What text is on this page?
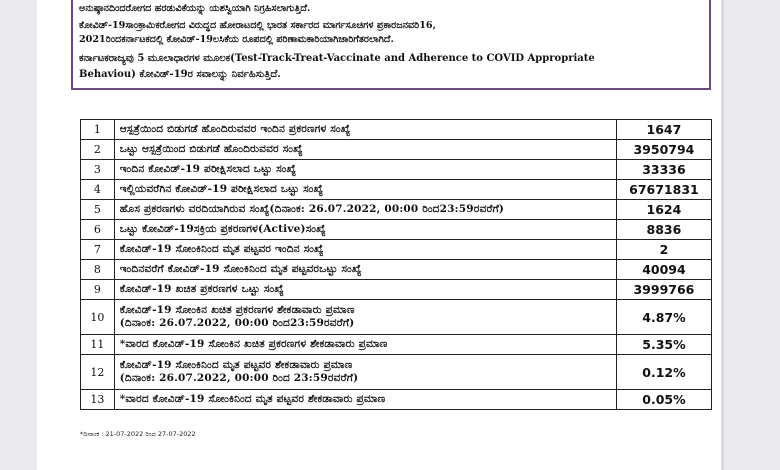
ಅನುಷ್ಠಾನದಿಂದರೋಗದ ಹರಡುವಿಕೆಯನ್ನು ಯಶಸ್ವಿಯಾಗಿ ನಿಗ್ರಹಿಸಲಾಗುತ್ತಿದೆ.

ಕೋವಿಡ್-19ಸಾಂಕ್ರಾಮಿಕರೋಗದ ವಿರುದ್ಧದ ಹೋರಾಟದಲ್ಲಿ ಭಾರತ ಸರ್ಕಾರದ ಮಾರ್ಗಸೂಚಿಗಳ ಪ್ರಕಾರಜನವರಿ16,

2021ರಿಂದಕರ್ನಾಟಕದಲ್ಲಿ ಕೋವಿಡ್-19ಲಸಿಕೆಯ ರೂಪದಲ್ಲಿ ಪರಿಣಾಮಕಾರಿಯಾಗಿಜಾರಿಗೆತರಲಾಗಿದೆ.

ಕರ್ನಾಟಕರಾಜ್ಯವು 5 ಮೂಲಾಧಾರಗಳ ಮೂಲಕ(Test-Track-Treat-Vaccinate and Adherence to COVID Appropriate

Behaviou) ಕೋವಿಡ್-19ರ ಸವಾಲನ್ನು ನಿರ್ವಹಿಸುತ್ತಿದೆ.

1	ಆಸ್ಪತ್ರೆಯಿಂದ ಬಿಡುಗಡೆ ಹೊಂದಿರುವವರ ಇಂದಿನ ಪ್ರಕರಣಗಳ ಸಂಖ್ಯೆ	1647
2	ಒಟ್ಟು ಆಸ್ಪತ್ರೆಯಿಂದ ಬಿಡುಗಡೆ ಹೊಂದಿರುವವರ ಸಂಖ್ಯೆ	3950794
3	ಇಂದಿನ ಕೋವಿಡ್-19 ಪರೀಕ್ಷಿಸಲಾದ ಒಟ್ಟು ಸಂಖ್ಯೆ	33336
4	ಇಲ್ಲಿಯವರೆಗಿನ ಕೋವಿಡ್-19 ಪರೀಕ್ಷಿಸಲಾದ ಒಟ್ಟು ಸಂಖ್ಯೆ	67671831
5	ಹೊಸ ಪ್ರಕರಣಗಳು ವರದಿಯಾಗಿರುವ ಸಂಖ್ಯೆ(ದಿನಾಂಕ: 26.07.2022, 00:00 ರಿಂದ23:59ರವರೆಗೆ)	1624
6	ಒಟ್ಟು ಕೋವಿಡ್-19ಸಕ್ರಿಯ ಪ್ರಕರಣಗಳ(Active)ಸಂಖ್ಯೆ	8836
7	ಕೋವಿಡ್-19 ಸೋಂಕಿನಿಂದ ಮೃತ ಪಟ್ಟವರ ಇಂದಿನ ಸಂಖ್ಯೆ	2
8	ಇಂದಿನವರೆಗೆ ಕೋವಿಡ್-19 ಸೋಂಕಿನಿಂದ ಮೃತ ಪಟ್ಟವರಒಟ್ಟು ಸಂಖ್ಯೆ	40094
9	ಕೋವಿಡ್-19 ಖಚಿತ ಪ್ರಕರಣಗಳ ಒಟ್ಟು ಸಂಖ್ಯೆ	3999766
10	ಕೋವಿಡ್-19 ಸೋಂಕಿನ ಖಚಿತ ಪ್ರಕರಣಗಳ ಶೇಕಡಾವಾರು ಪ್ರಮಾಣ
(ದಿನಾಂಕ: 26.07.2022, 00:00 ರಿಂದ23:59ರವರೆಗೆ)	4.87%
11	*ವಾರದ ಕೋವಿಡ್-19 ಸೋಂಕಿನ ಖಚಿತ ಪ್ರಕರಣಗಳ ಶೇಕಡಾವಾರು ಪ್ರಮಾಣ	5.35%
12	ಕೋವಿಡ್-19 ಸೋಂಕಿನಿಂದ ಮೃತ ಪಟ್ಟವರ ಶೇಕಡಾವಾರು ಪ್ರಮಾಣ
(ದಿನಾಂಕ: 26.07.2022, 00:00 ರಿಂದ 23:59ರವರೆಗೆ)	0.12%
13	*ವಾರದ ಕೋವಿಡ್-19 ಸೋಂಕಿನಿಂದ ಮೃತ ಪಟ್ಟವರ ಶೇಕಡಾವಾರು ಪ್ರಮಾಣ	0.05%
*ದಿನಾಂಕ : 21-07-2022 ರಿಂದ 27-07-2022
